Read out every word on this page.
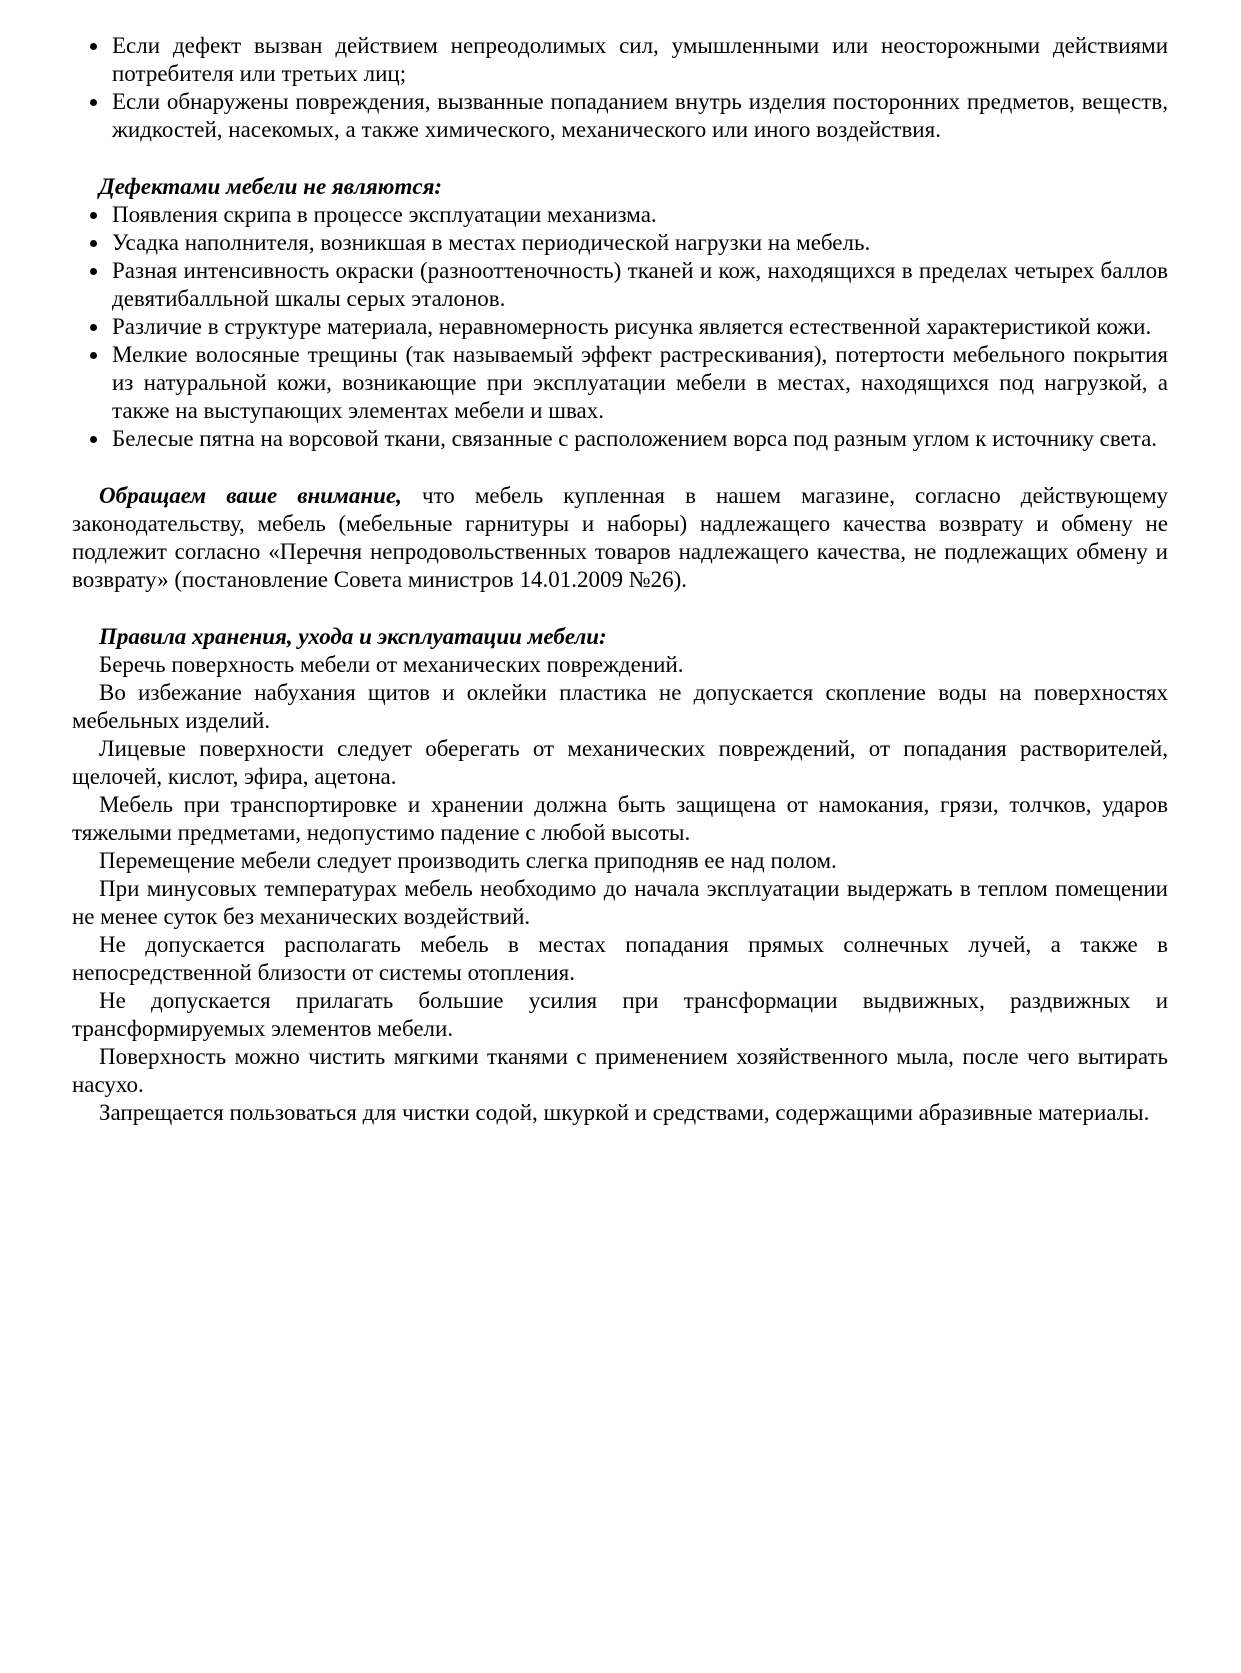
• Если дефект вызван действием непреодолимых сил, умышленными или неосторожными действиями потребителя или третьих лиц;
• Если обнаружены повреждения, вызванные попаданием внутрь изделия посторонних предметов, веществ, жидкостей, насекомых, а также химического, механического или иного воздействия.

Дефектами мебели не являются:

• Появления скрипа в процессе эксплуатации механизма.
• Усадка наполнителя, возникшая в местах периодической нагрузки на мебель.
• Разная интенсивность окраски (разнооттеночность) тканей и кож, находящихся в пределах четырех баллов девятибалльной шкалы серых эталонов.
• Различие в структуре материала, неравномерность рисунка является естественной характеристикой кожи.
• Мелкие волосяные трещины (так называемый эффект растрескивания), потертости мебельного покрытия из натуральной кожи, возникающие при эксплуатации мебели в местах, находящихся под нагрузкой, а также на выступающих элементах мебели и швах.
• Белесые пятна на ворсовой ткани, связанные с расположением ворса под разным углом к источнику света.

Обращаем ваше внимание, что мебель купленная в нашем магазине, согласно действующему законодательству, мебель (мебельные гарнитуры и наборы) надлежащего качества возврату и обмену не подлежит согласно «Перечня непродовольственных товаров надлежащего качества, не подлежащих обмену и возврату» (постановление Совета министров 14.01.2009 №26).

Правила хранения, ухода и эксплуатации мебели:

Беречь поверхность мебели от механических повреждений.

Во избежание набухания щитов и оклейки пластика не допускается скопление воды на поверхностях мебельных изделий.

Лицевые поверхности следует оберегать от механических повреждений, от попадания растворителей, щелочей, кислот, эфира, ацетона.

Мебель при транспортировке и хранении должна быть защищена от намокания, грязи, толчков, ударов тяжелыми предметами, недопустимо падение с любой высоты.

Перемещение мебели следует производить слегка приподняв ее над полом.

При минусовых температурах мебель необходимо до начала эксплуатации выдержать в теплом помещении не менее суток без механических воздействий.

Не допускается располагать мебель в местах попадания прямых солнечных лучей, а также в непосредственной близости от системы отопления.

Не допускается прилагать большие усилия при трансформации выдвижных, раздвижных и трансформируемых элементов мебели.

Поверхность можно чистить мягкими тканями с применением хозяйственного мыла, после чего вытирать насухо.

Запрещается пользоваться для чистки содой, шкуркой и средствами, содержащими абразивные материалы.
